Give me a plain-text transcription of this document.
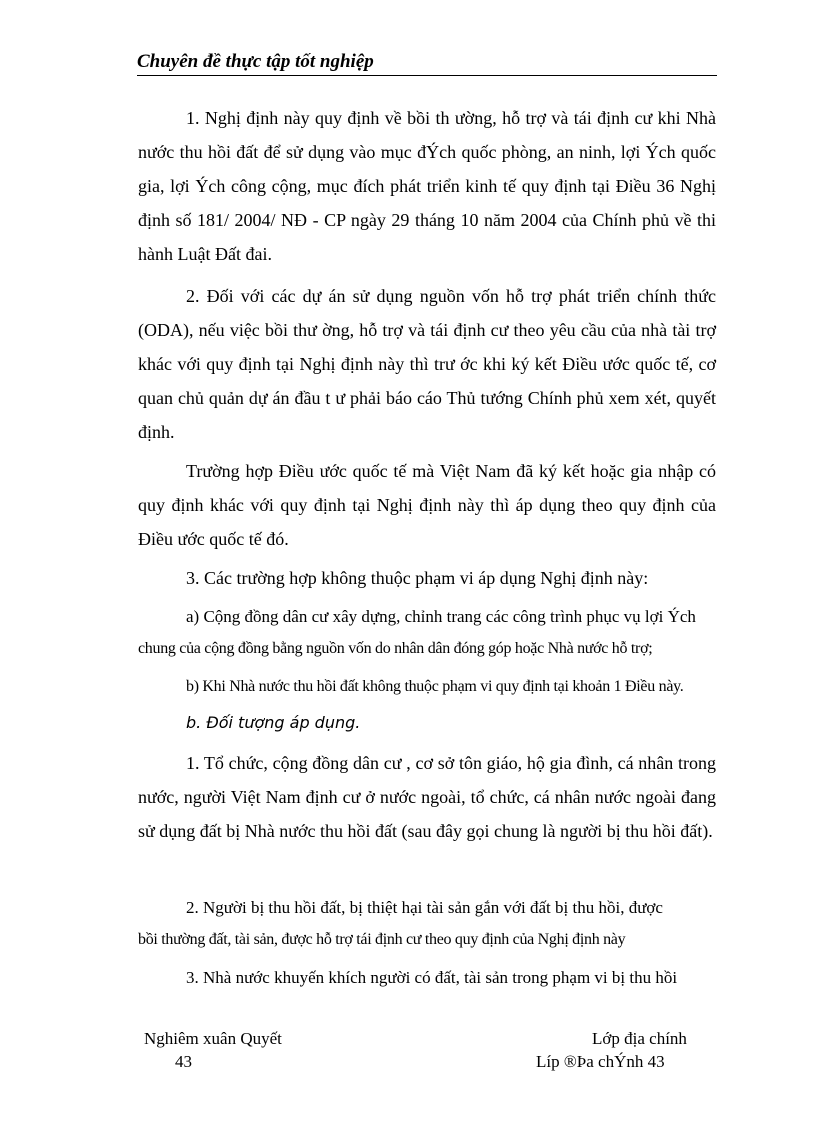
Chuyên đề thực tập tốt nghiệp

1. Nghị định này quy định về bồi th ường, hỗ trợ và tái định cư khi Nhà nước thu hồi đất để sử dụng vào mục đÝch quốc phòng, an ninh, lợi Ých quốc gia, lợi Ých công cộng, mục đích phát triển kinh tế quy định tại Điều 36 Nghị định số 181/ 2004/ NĐ - CP ngày 29 tháng 10 năm 2004 của Chính phủ về thi hành Luật Đất đai.

2. Đối với các dự án sử dụng nguồn vốn hỗ trợ phát triển chính thức (ODA), nếu việc bồi thư ờng, hỗ trợ và tái định cư theo yêu cầu của nhà tài trợ khác với quy định tại Nghị định này thì trư ớc khi ký kết Điều ước quốc tế, cơ quan chủ quản dự án đầu t ư phải báo cáo Thủ tướng Chính phủ xem xét, quyết định.

Trường hợp Điều ước quốc tế mà Việt Nam đã ký kết hoặc gia nhập có quy định khác với quy định tại Nghị định này thì áp dụng theo quy định của Điều ước quốc tế đó.

3. Các trường hợp không thuộc phạm vi áp dụng Nghị định này:
a) Cộng đồng dân cư xây dựng, chỉnh trang các công trình phục vụ lợi Ých
chung của cộng đồng bằng nguồn vốn do nhân dân đóng góp hoặc Nhà nước hỗ trợ;
b) Khi Nhà nước thu hồi đất không thuộc phạm vi quy định tại khoản 1 Điều này.
b. Đối tượng áp dụng.

1. Tổ chức, cộng đồng dân cư , cơ sở tôn giáo, hộ gia đình, cá nhân trong nước, người Việt Nam định cư ở nước ngoài, tổ chức, cá nhân nước ngoài đang sử dụng đất bị Nhà nước thu hồi đất (sau đây gọi chung là người bị thu hồi đất).

2. Người bị thu hồi đất, bị thiệt hại tài sản gắn với đất bị thu hồi, được
bồi thường đất, tài sản, được hỗ trợ tái định cư theo quy định của Nghị định này
3. Nhà nước khuyến khích người có đất, tài sản trong phạm vi bị thu hồi
Nghiêm xuân Quyết
43
Lớp địa chính
Líp ®Þa chÝnh 43
